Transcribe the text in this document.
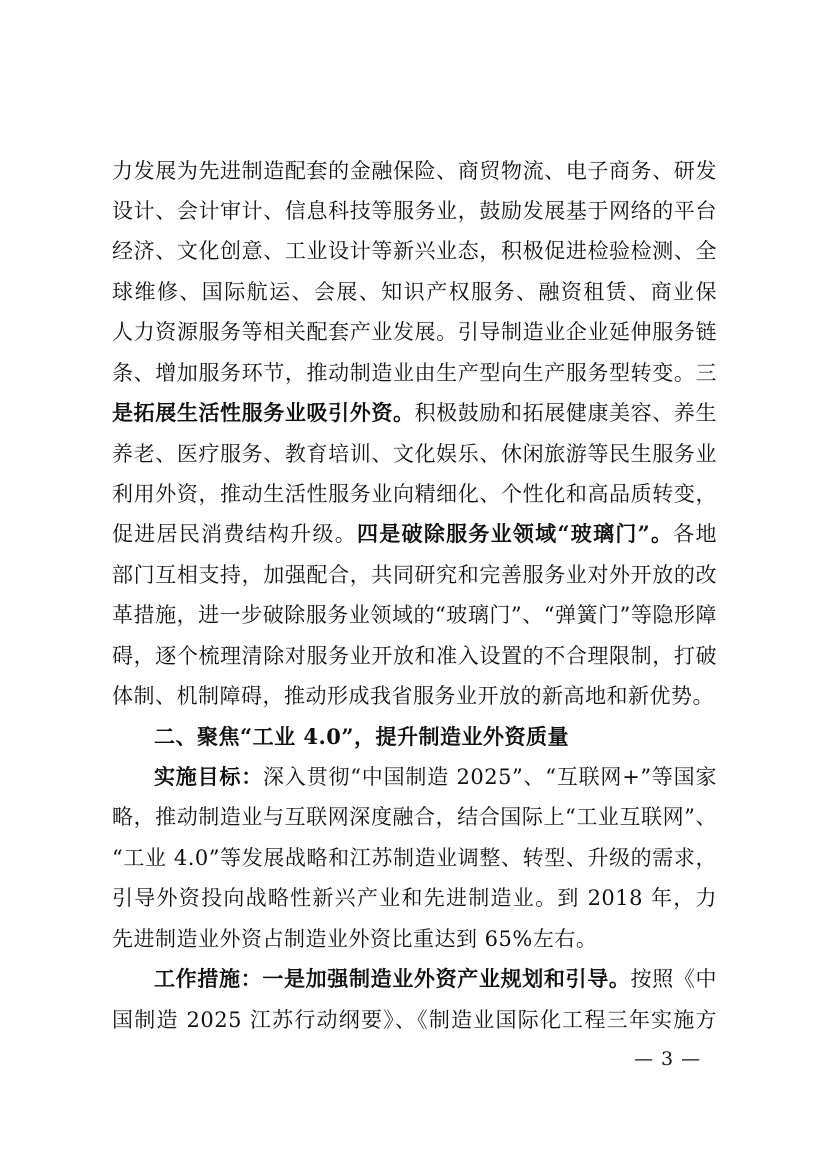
力发展为先进制造配套的金融保险、商贸物流、电子商务、研发
设计、会计审计、信息科技等服务业，鼓励发展基于网络的平台
经济、文化创意、工业设计等新兴业态，积极促进检验检测、全
球维修、国际航运、会展、知识产权服务、融资租赁、商业保
人力资源服务等相关配套产业发展。引导制造业企业延伸服务链
条、增加服务环节，推动制造业由生产型向生产服务型转变。三
是拓展生活性服务业吸引外资。积极鼓励和拓展健康美容、养生
养老、医疗服务、教育培训、文化娱乐、休闲旅游等民生服务业
利用外资，推动生活性服务业向精细化、个性化和高品质转变，
促进居民消费结构升级。四是破除服务业领域“玻璃门”。各地
部门互相支持，加强配合，共同研究和完善服务业对外开放的改
革措施，进一步破除服务业领域的“玻璃门”、“弹簧门”等隐形障
碍，逐个梳理清除对服务业开放和准入设置的不合理限制，打破
体制、机制障碍，推动形成我省服务业开放的新高地和新优势。
二、聚焦“工业 4.0”，提升制造业外资质量
实施目标：深入贯彻“中国制造 2025”、“互联网+”等国家
略，推动制造业与互联网深度融合，结合国际上“工业互联网”、
“工业 4.0”等发展战略和江苏制造业调整、转型、升级的需求，
引导外资投向战略性新兴产业和先进制造业。到 2018 年，力
先进制造业外资占制造业外资比重达到 65%左右。
工作措施：一是加强制造业外资产业规划和引导。按照《中
国制造 2025 江苏行动纲要》、《制造业国际化工程三年实施方
— 3 —
